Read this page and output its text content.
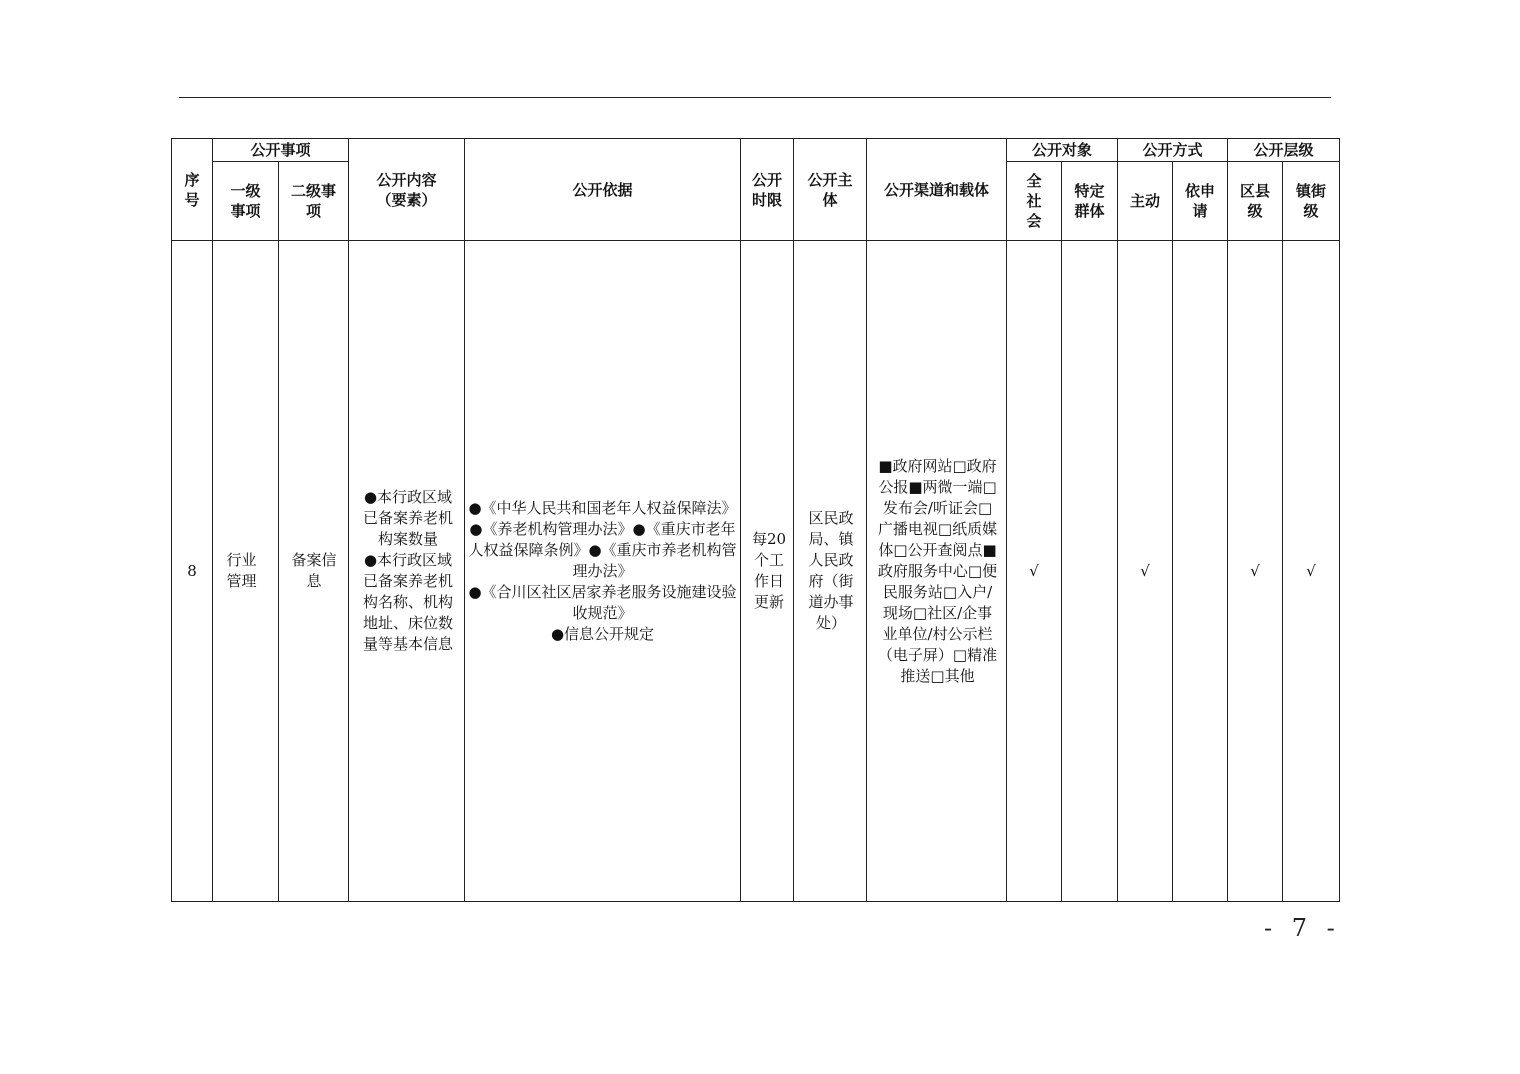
序号	公开事项		公开内容（要素）	公开依据	公开时限	公开主体	公开渠道和载体	公开对象		公开方式		公开层级	
	一级事项	二级事项						全社会	特定群体	主动	依申请	区县级	镇街级
8	行业管理	备案信息	●本行政区域已备案养老机构案数量
●本行政区域已备案养老机构名称、机构地址、床位数量等基本信息	●《中华人民共和国老年人权益保障法》
●《养老机构管理办法》●《重庆市老年人权益保障条例》●《重庆市养老机构管理办法》
●《合川区社区居家养老服务设施建设验收规范》
●信息公开规定	每20个工作日更新	区民政局、镇人民政府（街道办事处）	■政府网站□政府公报■两微一端□发布会/听证会□广播电视□纸质媒体□公开查阅点■政府服务中心□便民服务站□入户/现场□社区/企事业单位/村公示栏
（电子屏）□精准推送□其他	√		√		√	√
- 7 -
